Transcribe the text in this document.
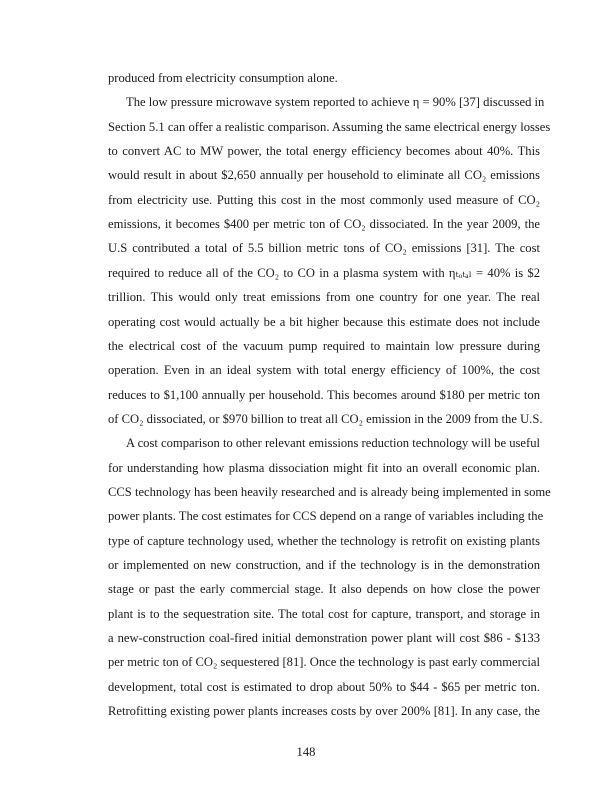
produced from electricity consumption alone.
The low pressure microwave system reported to achieve η = 90% [37] discussed in
Section 5.1 can offer a realistic comparison. Assuming the same electrical energy losses
to convert AC to MW power, the total energy efficiency becomes about 40%. This
would result in about $2,650 annually per household to eliminate all CO₂ emissions
from electricity use. Putting this cost in the most commonly used measure of CO₂
emissions, it becomes $400 per metric ton of CO₂ dissociated. In the year 2009, the
U.S contributed a total of 5.5 billion metric tons of CO₂ emissions [31]. The cost
required to reduce all of the CO₂ to CO in a plasma system with ηₜₒₜₐₗ = 40% is $2
trillion. This would only treat emissions from one country for one year. The real
operating cost would actually be a bit higher because this estimate does not include
the electrical cost of the vacuum pump required to maintain low pressure during
operation. Even in an ideal system with total energy efficiency of 100%, the cost
reduces to $1,100 annually per household. This becomes around $180 per metric ton
of CO₂ dissociated, or $970 billion to treat all CO₂ emission in the 2009 from the U.S.
A cost comparison to other relevant emissions reduction technology will be useful
for understanding how plasma dissociation might fit into an overall economic plan.
CCS technology has been heavily researched and is already being implemented in some
power plants. The cost estimates for CCS depend on a range of variables including the
type of capture technology used, whether the technology is retrofit on existing plants
or implemented on new construction, and if the technology is in the demonstration
stage or past the early commercial stage. It also depends on how close the power
plant is to the sequestration site. The total cost for capture, transport, and storage in
a new-construction coal-fired initial demonstration power plant will cost $86 - $133
per metric ton of CO₂ sequestered [81]. Once the technology is past early commercial
development, total cost is estimated to drop about 50% to $44 - $65 per metric ton.
Retrofitting existing power plants increases costs by over 200% [81]. In any case, the
148
